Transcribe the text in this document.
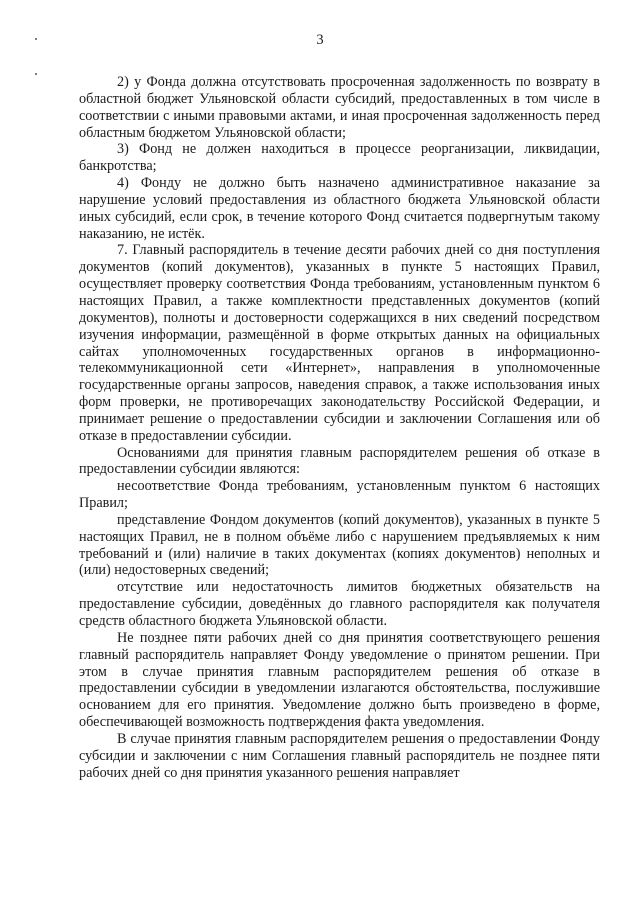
3

2) у Фонда должна отсутствовать просроченная задолженность по возврату в областной бюджет Ульяновской области субсидий, предоставленных в том числе в соответствии с иными правовыми актами, и иная просроченная задолженность перед областным бюджетом Ульяновской области;

3) Фонд не должен находиться в процессе реорганизации, ликвидации, банкротства;

4) Фонду не должно быть назначено административное наказание за нарушение условий предоставления из областного бюджета Ульяновской области иных субсидий, если срок, в течение которого Фонд считается подвергнутым такому наказанию, не истёк.

7. Главный распорядитель в течение десяти рабочих дней со дня поступления документов (копий документов), указанных в пункте 5 настоящих Правил, осуществляет проверку соответствия Фонда требованиям, установленным пунктом 6 настоящих Правил, а также комплектности представленных документов (копий документов), полноты и достоверности содержащихся в них сведений посредством изучения информации, размещённой в форме открытых данных на официальных сайтах уполномоченных государственных органов в информационно-телекоммуникационной сети «Интернет», направления в уполномоченные государственные органы запросов, наведения справок, а также использования иных форм проверки, не противоречащих законодательству Российской Федерации, и принимает решение о предоставлении субсидии и заключении Соглашения или об отказе в предоставлении субсидии.

Основаниями для принятия главным распорядителем решения об отказе в предоставлении субсидии являются:

несоответствие Фонда требованиям, установленным пунктом 6 настоящих Правил;

представление Фондом документов (копий документов), указанных в пункте 5 настоящих Правил, не в полном объёме либо с нарушением предъявляемых к ним требований и (или) наличие в таких документах (копиях документов) неполных и (или) недостоверных сведений;

отсутствие или недостаточность лимитов бюджетных обязательств на предоставление субсидии, доведённых до главного распорядителя как получателя средств областного бюджета Ульяновской области.

Не позднее пяти рабочих дней со дня принятия соответствующего решения главный распорядитель направляет Фонду уведомление о принятом решении. При этом в случае принятия главным распорядителем решения об отказе в предоставлении субсидии в уведомлении излагаются обстоятельства, послужившие основанием для его принятия. Уведомление должно быть произведено в форме, обеспечивающей возможность подтверждения факта уведомления.

В случае принятия главным распорядителем решения о предоставлении Фонду субсидии и заключении с ним Соглашения главный распорядитель не позднее пяти рабочих дней со дня принятия указанного решения направляет
